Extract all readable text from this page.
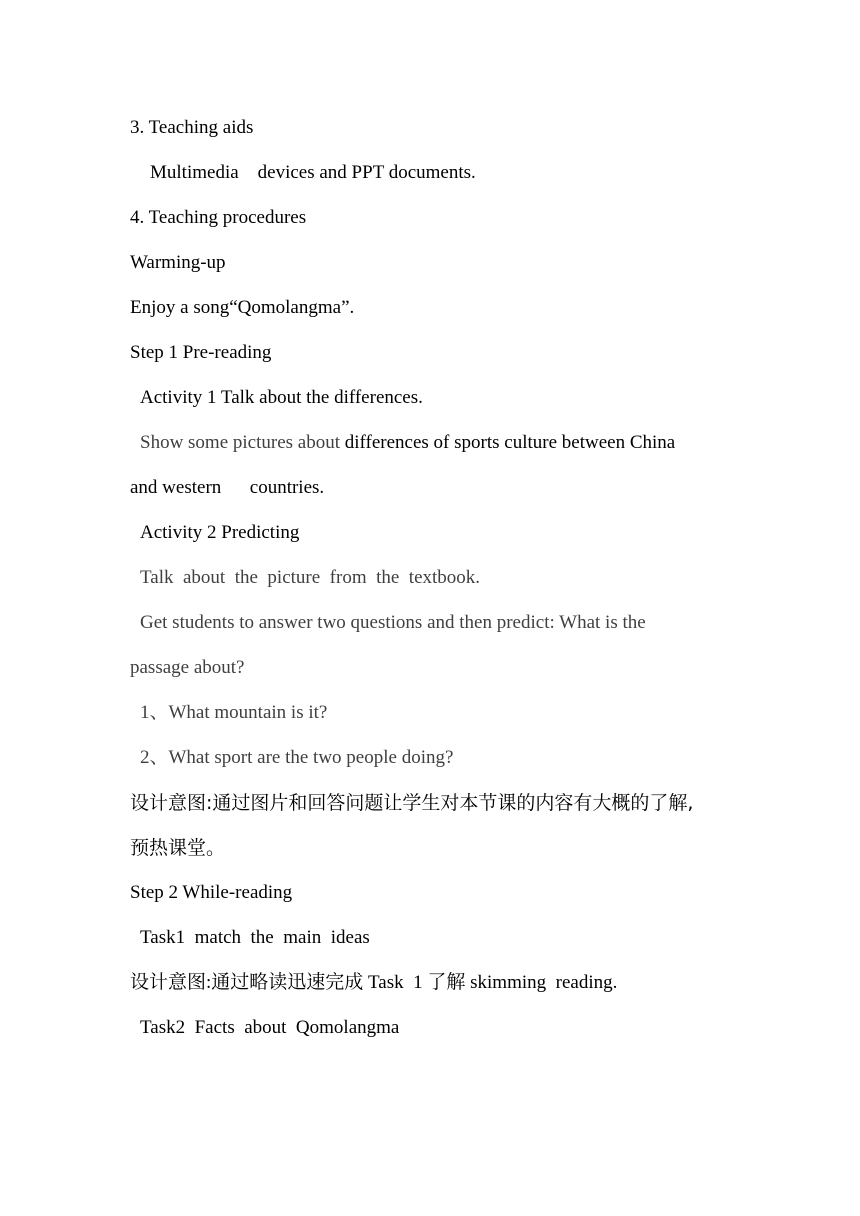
3. Teaching aids
Multimedia    devices and PPT documents.
4. Teaching procedures
Warming-up
Enjoy a song“Qomolangma”.
Step 1 Pre-reading
Activity 1 Talk about the differences.
Show some pictures about differences of sports culture between China
and western      countries.
Activity 2 Predicting
Talk  about  the  picture  from  the  textbook.
Get students to answer two questions and then predict: What is the
passage about?
1、What mountain is it?
2、What sport are the two people doing?
设计意图:通过图片和回答问题让学生对本节课的内容有大概的了解,
预热课堂。
Step 2 While-reading
Task1  match  the  main  ideas
设计意图:通过略读迅速完成 Task  1 了解 skimming  reading.
Task2  Facts  about  Qomolangma
